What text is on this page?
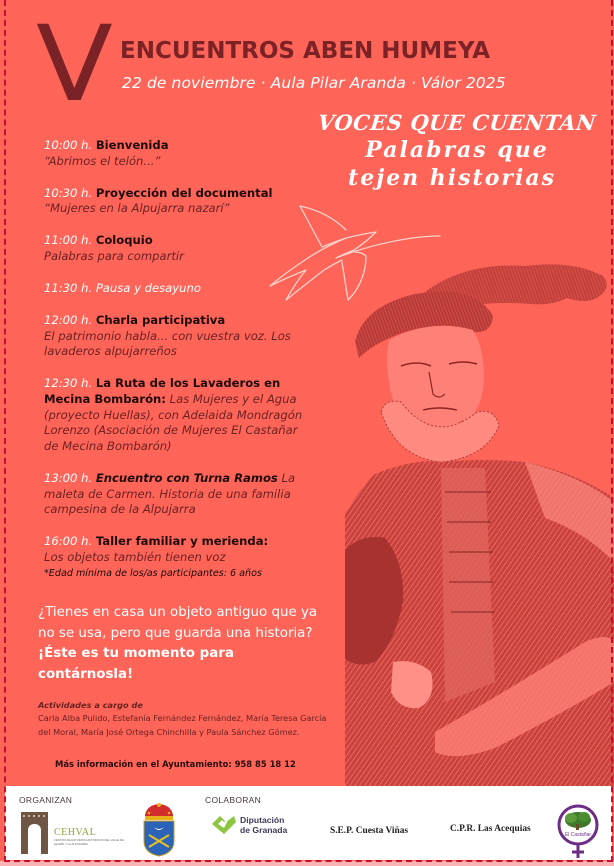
V ENCUENTROS ABEN HUMEYA
22 de noviembre · Aula Pilar Aranda · Válor 2025
VOCES QUE CUENTAN
Palabras que
tejen historias
10:00 h. Bienvenida
“Abrimos el telón...”
10:30 h. Proyección del documental
“Mujeres en la Alpujarra nazarí”
11:00 h. Coloquio
Palabras para compartir
11:30 h. Pausa y desayuno
12:00 h. Charla participativa
El patrimonio habla... con vuestra voz. Los lavaderos alpujarreños
12:30 h. La Ruta de los Lavaderos en Mecina Bombarón: Las Mujeres y el Agua (proyecto Huellas), con Adelaida Mondragón Lorenzo (Asociación de Mujeres El Castañar de Mecina Bombarón)
13:00 h. Encuentro con Turna Ramos La maleta de Carmen. Historia de una familia campesina de la Alpujarra
16:00 h. Taller familiar y merienda:
Los objetos también tienen voz
*Edad mínima de los/as participantes: 6 años
¿Tienes en casa un objeto antiguo que ya no se usa, pero que guarda una historia? ¡Éste es tu momento para contárnosla!
Actividades a cargo de
Carla Alba Pulido, Estefanía Fernández Fernández, María Teresa García del Moral, María José Ortega Chinchilla y Paula Sánchez Gómez.
Más información en el Ayuntamiento: 958 85 18 12
ORGANIZAN	COLABORAN
CEHVAL
CENTRO DE ESTUDIOS HISTÓRICOS DEL VALLE DE LECRÍN Y LA ALPUJARRA
Diputación
de Granada	S.E.P. Cuesta Viñas	C.P.R. Las Acequias
El Castañar
